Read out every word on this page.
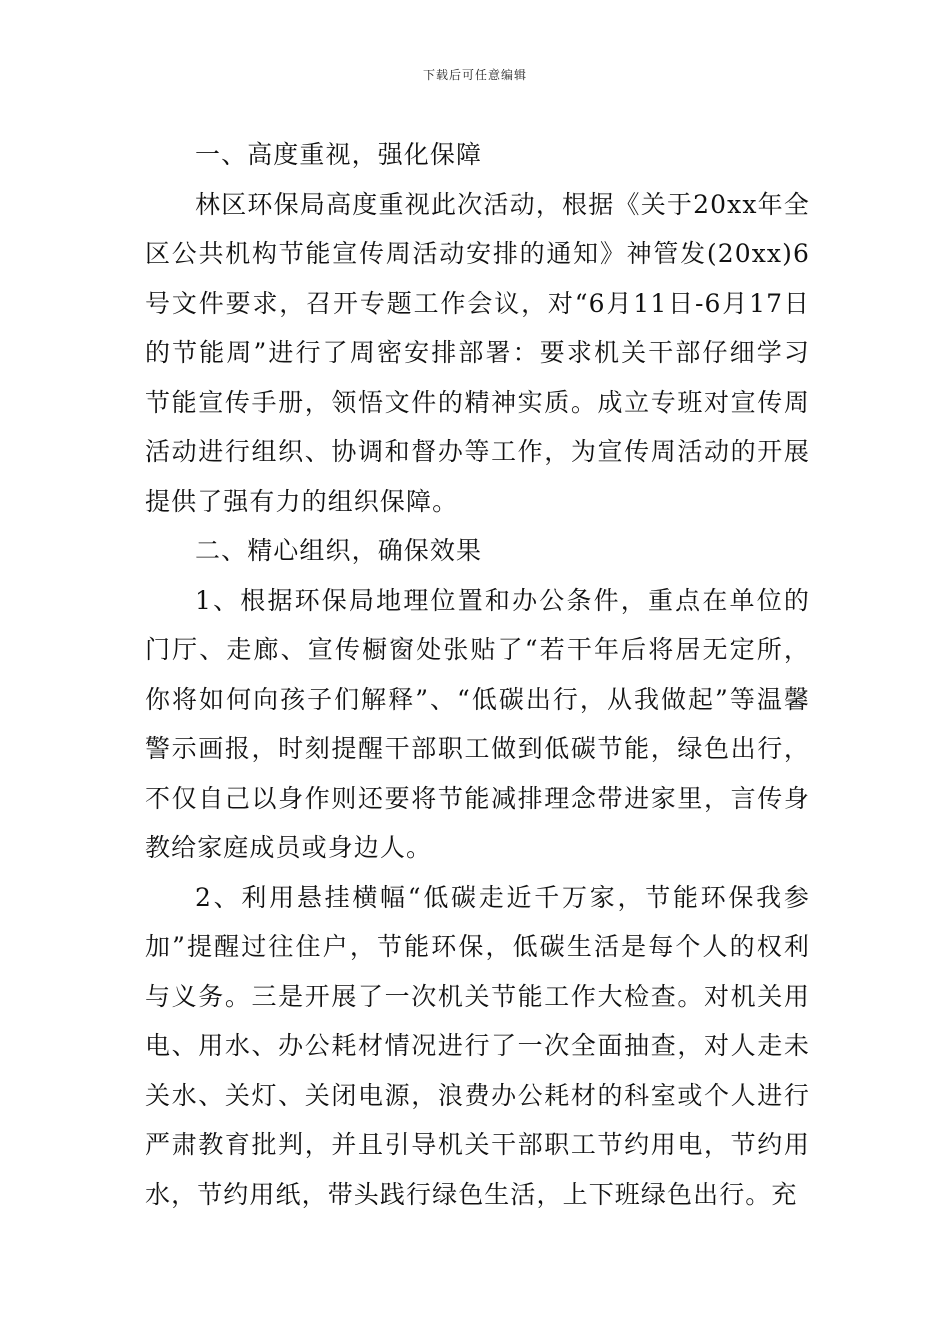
下载后可任意编辑

一、高度重视，强化保障

林区环保局高度重视此次活动，根据《关于20xx年全区公共机构节能宣传周活动安排的通知》神管发(20xx)6号文件要求，召开专题工作会议，对“6月11日-6月17日的节能周”进行了周密安排部署：要求机关干部仔细学习节能宣传手册，领悟文件的精神实质。成立专班对宣传周活动进行组织、协调和督办等工作，为宣传周活动的开展提供了强有力的组织保障。

二、精心组织，确保效果

1、根据环保局地理位置和办公条件，重点在单位的门厅、走廊、宣传橱窗处张贴了“若干年后将居无定所，你将如何向孩子们解释”、“低碳出行，从我做起”等温馨警示画报，时刻提醒干部职工做到低碳节能，绿色出行，不仅自己以身作则还要将节能减排理念带进家里，言传身教给家庭成员或身边人。

2、利用悬挂横幅“低碳走近千万家，节能环保我参加”提醒过往住户，节能环保，低碳生活是每个人的权利与义务。三是开展了一次机关节能工作大检查。对机关用电、用水、办公耗材情况进行了一次全面抽查，对人走未关水、关灯、关闭电源，浪费办公耗材的科室或个人进行严肃教育批判，并且引导机关干部职工节约用电，节约用水，节约用纸，带头践行绿色生活，上下班绿色出行。充
